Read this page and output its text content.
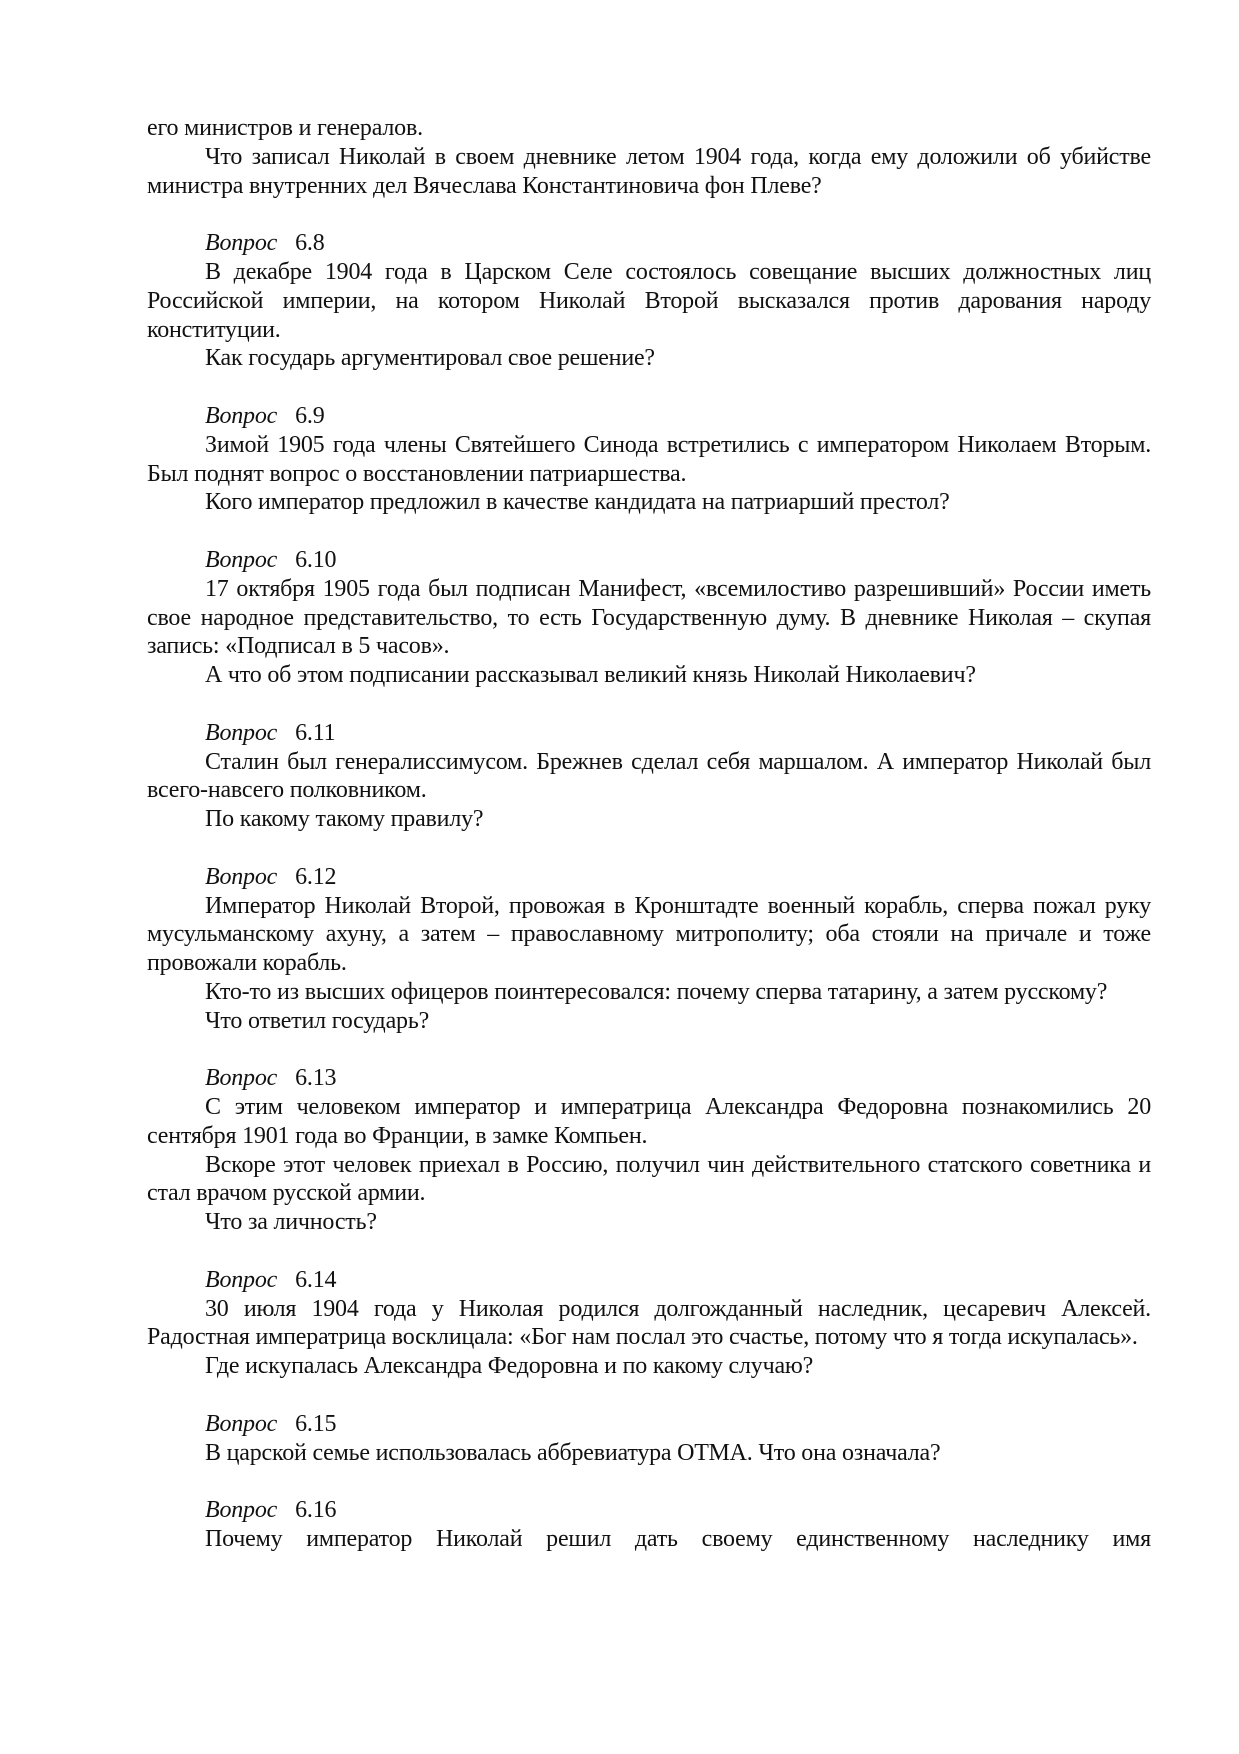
его министров и генералов.

Что записал Николай в своем дневнике летом 1904 года, когда ему доложили об убийстве министра внутренних дел Вячеслава Константиновича фон Плеве?

Вопрос 6.8

В декабре 1904 года в Царском Селе состоялось совещание высших должностных лиц Российской империи, на котором Николай Второй высказался против дарования народу конституции.

Как государь аргументировал свое решение?

Вопрос 6.9

Зимой 1905 года члены Святейшего Синода встретились с императором Николаем Вторым. Был поднят вопрос о восстановлении патриаршества.

Кого император предложил в качестве кандидата на патриарший престол?

Вопрос 6.10

17 октября 1905 года был подписан Манифест, «всемилостиво разрешивший» России иметь свое народное представительство, то есть Государственную думу. В дневнике Николая – скупая запись: «Подписал в 5 часов».

А что об этом подписании рассказывал великий князь Николай Николаевич?

Вопрос 6.11

Сталин был генералиссимусом. Брежнев сделал себя маршалом. А император Николай был всего-навсего полковником.

По какому такому правилу?

Вопрос 6.12

Император Николай Второй, провожая в Кронштадте военный корабль, сперва пожал руку мусульманскому ахуну, а затем – православному митрополиту; оба стояли на причале и тоже провожали корабль.

Кто-то из высших офицеров поинтересовался: почему сперва татарину, а затем русскому?

Что ответил государь?

Вопрос 6.13

С этим человеком император и императрица Александра Федоровна познакомились 20 сентября 1901 года во Франции, в замке Компьен.

Вскоре этот человек приехал в Россию, получил чин действительного статского советника и стал врачом русской армии.

Что за личность?

Вопрос 6.14

30 июля 1904 года у Николая родился долгожданный наследник, цесаревич Алексей. Радостная императрица восклицала: «Бог нам послал это счастье, потому что я тогда искупалась».

Где искупалась Александра Федоровна и по какому случаю?

Вопрос 6.15

В царской семье использовалась аббревиатура ОТМА. Что она означала?

Вопрос 6.16

Почему император Николай решил дать своему единственному наследнику имя
